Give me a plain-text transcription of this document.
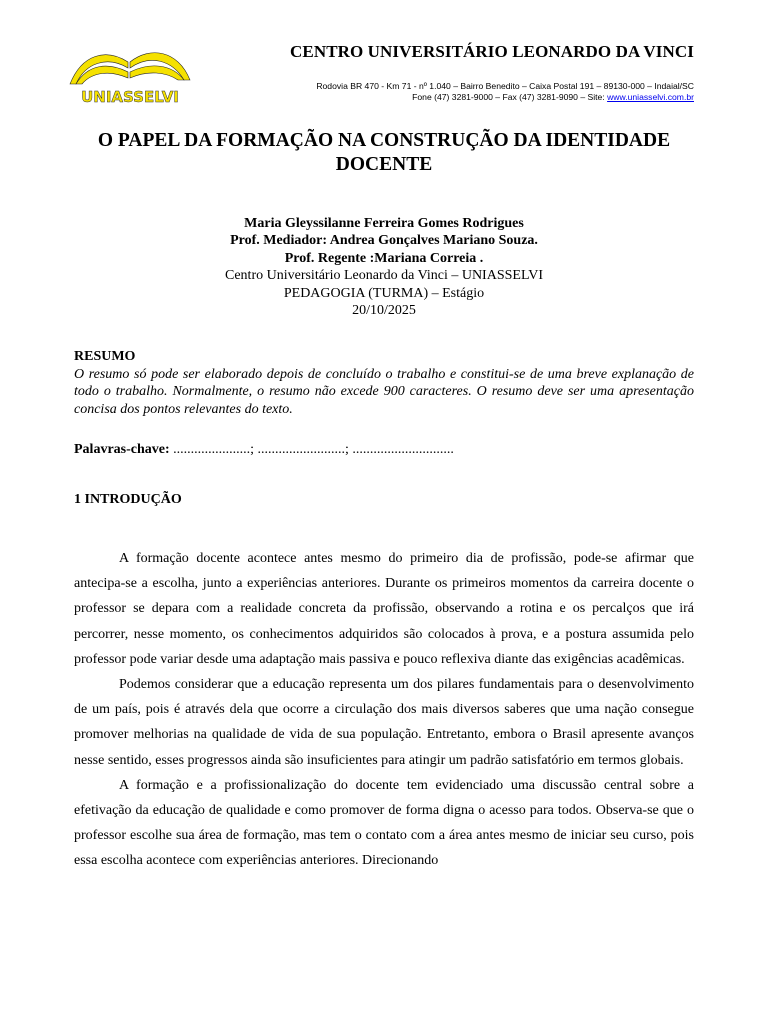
UNIASSELVI
CENTRO UNIVERSITÁRIO LEONARDO DA VINCI
Rodovia BR 470 - Km 71 - nº 1.040 – Bairro Benedito – Caixa Postal 191 – 89130-000 – Indaial/SC
Fone (47) 3281-9000 – Fax (47) 3281-9090 – Site: www.uniasselvi.com.br
O PAPEL DA FORMAÇÃO NA CONSTRUÇÃO DA IDENTIDADE DOCENTE
Maria Gleyssilanne Ferreira Gomes Rodrigues
Prof. Mediador: Andrea Gonçalves Mariano Souza.
Prof. Regente :Mariana Correia .
Centro Universitário Leonardo da Vinci – UNIASSELVI
PEDAGOGIA (TURMA) – Estágio
20/10/2025
RESUMO
O resumo só pode ser elaborado depois de concluído o trabalho e constitui-se de uma breve explanação de todo o trabalho. Normalmente, o resumo não excede 900 caracteres. O resumo deve ser uma apresentação concisa dos pontos relevantes do texto.
Palavras-chave: ......................; .........................; .............................
1 INTRODUÇÃO

A formação docente acontece antes mesmo do primeiro dia de profissão, pode-se afirmar que antecipa-se a escolha, junto a experiências anteriores. Durante os primeiros momentos da carreira docente o professor se depara com a realidade concreta da profissão, observando a rotina e os percalços que irá percorrer, nesse momento, os conhecimentos adquiridos são colocados à prova, e a postura assumida pelo professor pode variar desde uma adaptação mais passiva e pouco reflexiva diante das exigências acadêmicas.

Podemos considerar que a educação representa um dos pilares fundamentais para o desenvolvimento de um país, pois é através dela que ocorre a circulação dos mais diversos saberes que uma nação consegue promover melhorias na qualidade de vida de sua população. Entretanto, embora o Brasil apresente avanços nesse sentido, esses progressos ainda são insuficientes para atingir um padrão satisfatório em termos globais.

A formação e a profissionalização do docente tem evidenciado uma discussão central sobre a efetivação da educação de qualidade e como promover de forma digna o acesso para todos. Observa-se que o professor escolhe sua área de formação, mas tem o contato com a área antes mesmo de iniciar seu curso, pois essa escolha acontece com experiências anteriores. Direcionando
